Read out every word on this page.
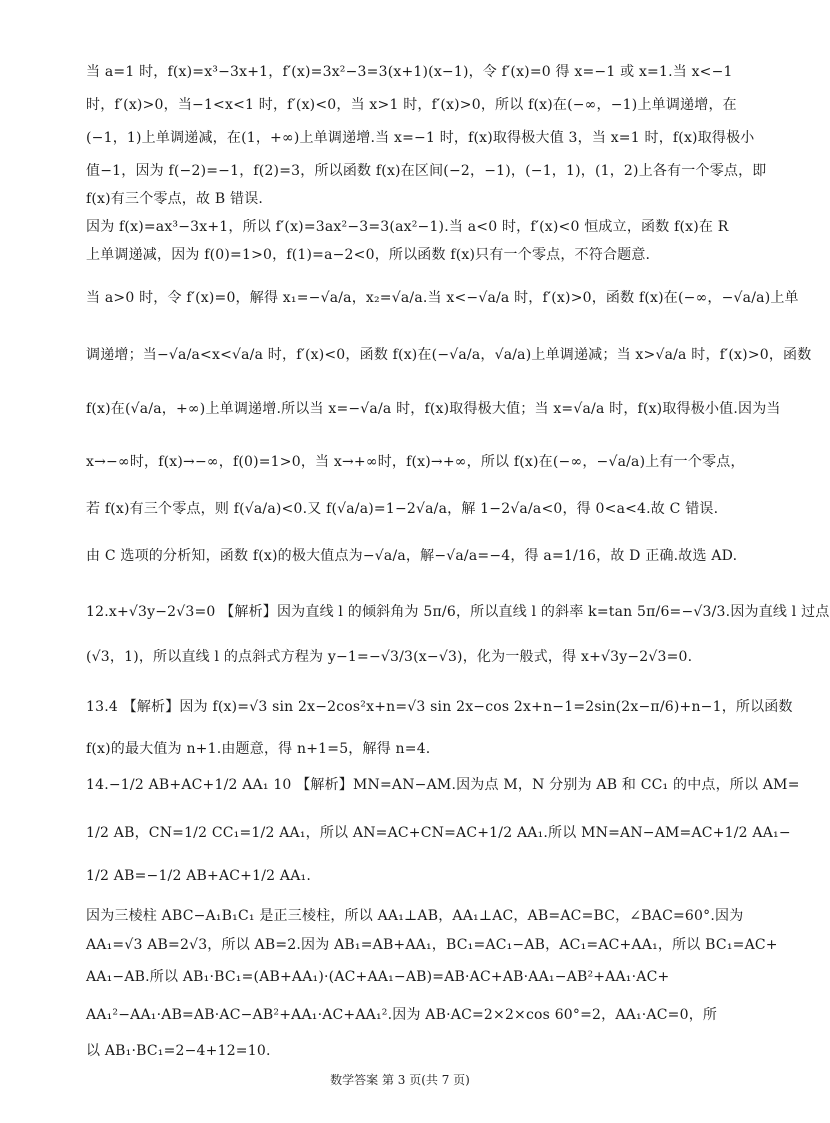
当 a=1 时，f(x)=x³−3x+1，f′(x)=3x²−3=3(x+1)(x−1)，令 f′(x)=0 得 x=−1 或 x=1.当 x<−1
时，f′(x)>0，当−1<x<1 时，f′(x)<0，当 x>1 时，f′(x)>0，所以 f(x)在(−∞，−1)上单调递增，在
(−1，1)上单调递减，在(1，+∞)上单调递增.当 x=−1 时，f(x)取得极大值 3，当 x=1 时，f(x)取得极小
值−1，因为 f(−2)=−1，f(2)=3，所以函数 f(x)在区间(−2，−1)，(−1，1)，(1，2)上各有一个零点，即
f(x)有三个零点，故 B 错误.
因为 f(x)=ax³−3x+1，所以 f′(x)=3ax²−3=3(ax²−1).当 a<0 时，f′(x)<0 恒成立，函数 f(x)在 R
上单调递减，因为 f(0)=1>0，f(1)=a−2<0，所以函数 f(x)只有一个零点，不符合题意.
当 a>0 时，令 f′(x)=0，解得 x₁=−√a/a，x₂=√a/a.当 x<−√a/a 时，f′(x)>0，函数 f(x)在(−∞，−√a/a)上单
调递增；当−√a/a<x<√a/a 时，f′(x)<0，函数 f(x)在(−√a/a，√a/a)上单调递减；当 x>√a/a 时，f′(x)>0，函数
f(x)在(√a/a，+∞)上单调递增.所以当 x=−√a/a 时，f(x)取得极大值；当 x=√a/a 时，f(x)取得极小值.因为当
x→−∞时，f(x)→−∞，f(0)=1>0，当 x→+∞时，f(x)→+∞，所以 f(x)在(−∞，−√a/a)上有一个零点，
若 f(x)有三个零点，则 f(√a/a)<0.又 f(√a/a)=1−2√a/a，解 1−2√a/a<0，得 0<a<4.故 C 错误.
由 C 选项的分析知，函数 f(x)的极大值点为−√a/a，解−√a/a=−4，得 a=1/16，故 D 正确.故选 AD.
12.x+√3y−2√3=0 【解析】因为直线 l 的倾斜角为 5π/6，所以直线 l 的斜率 k=tan 5π/6=−√3/3.因为直线 l 过点
(√3，1)，所以直线 l 的点斜式方程为 y−1=−√3/3(x−√3)，化为一般式，得 x+√3y−2√3=0.
13.4 【解析】因为 f(x)=√3 sin 2x−2cos²x+n=√3 sin 2x−cos 2x+n−1=2sin(2x−π/6)+n−1，所以函数
f(x)的最大值为 n+1.由题意，得 n+1=5，解得 n=4.
14.−1/2 AB+AC+1/2 AA₁ 10 【解析】MN=AN−AM.因为点 M，N 分别为 AB 和 CC₁ 的中点，所以 AM=
1/2 AB，CN=1/2 CC₁=1/2 AA₁，所以 AN=AC+CN=AC+1/2 AA₁.所以 MN=AN−AM=AC+1/2 AA₁−
1/2 AB=−1/2 AB+AC+1/2 AA₁.
因为三棱柱 ABC−A₁B₁C₁ 是正三棱柱，所以 AA₁⊥AB，AA₁⊥AC，AB=AC=BC，∠BAC=60°.因为
AA₁=√3 AB=2√3，所以 AB=2.因为 AB₁=AB+AA₁，BC₁=AC₁−AB，AC₁=AC+AA₁，所以 BC₁=AC+
AA₁−AB.所以 AB₁·BC₁=(AB+AA₁)·(AC+AA₁−AB)=AB·AC+AB·AA₁−AB²+AA₁·AC+
AA₁²−AA₁·AB=AB·AC−AB²+AA₁·AC+AA₁².因为 AB·AC=2×2×cos 60°=2，AA₁·AC=0，所
以 AB₁·BC₁=2−4+12=10.
数学答案 第 3 页(共 7 页)
